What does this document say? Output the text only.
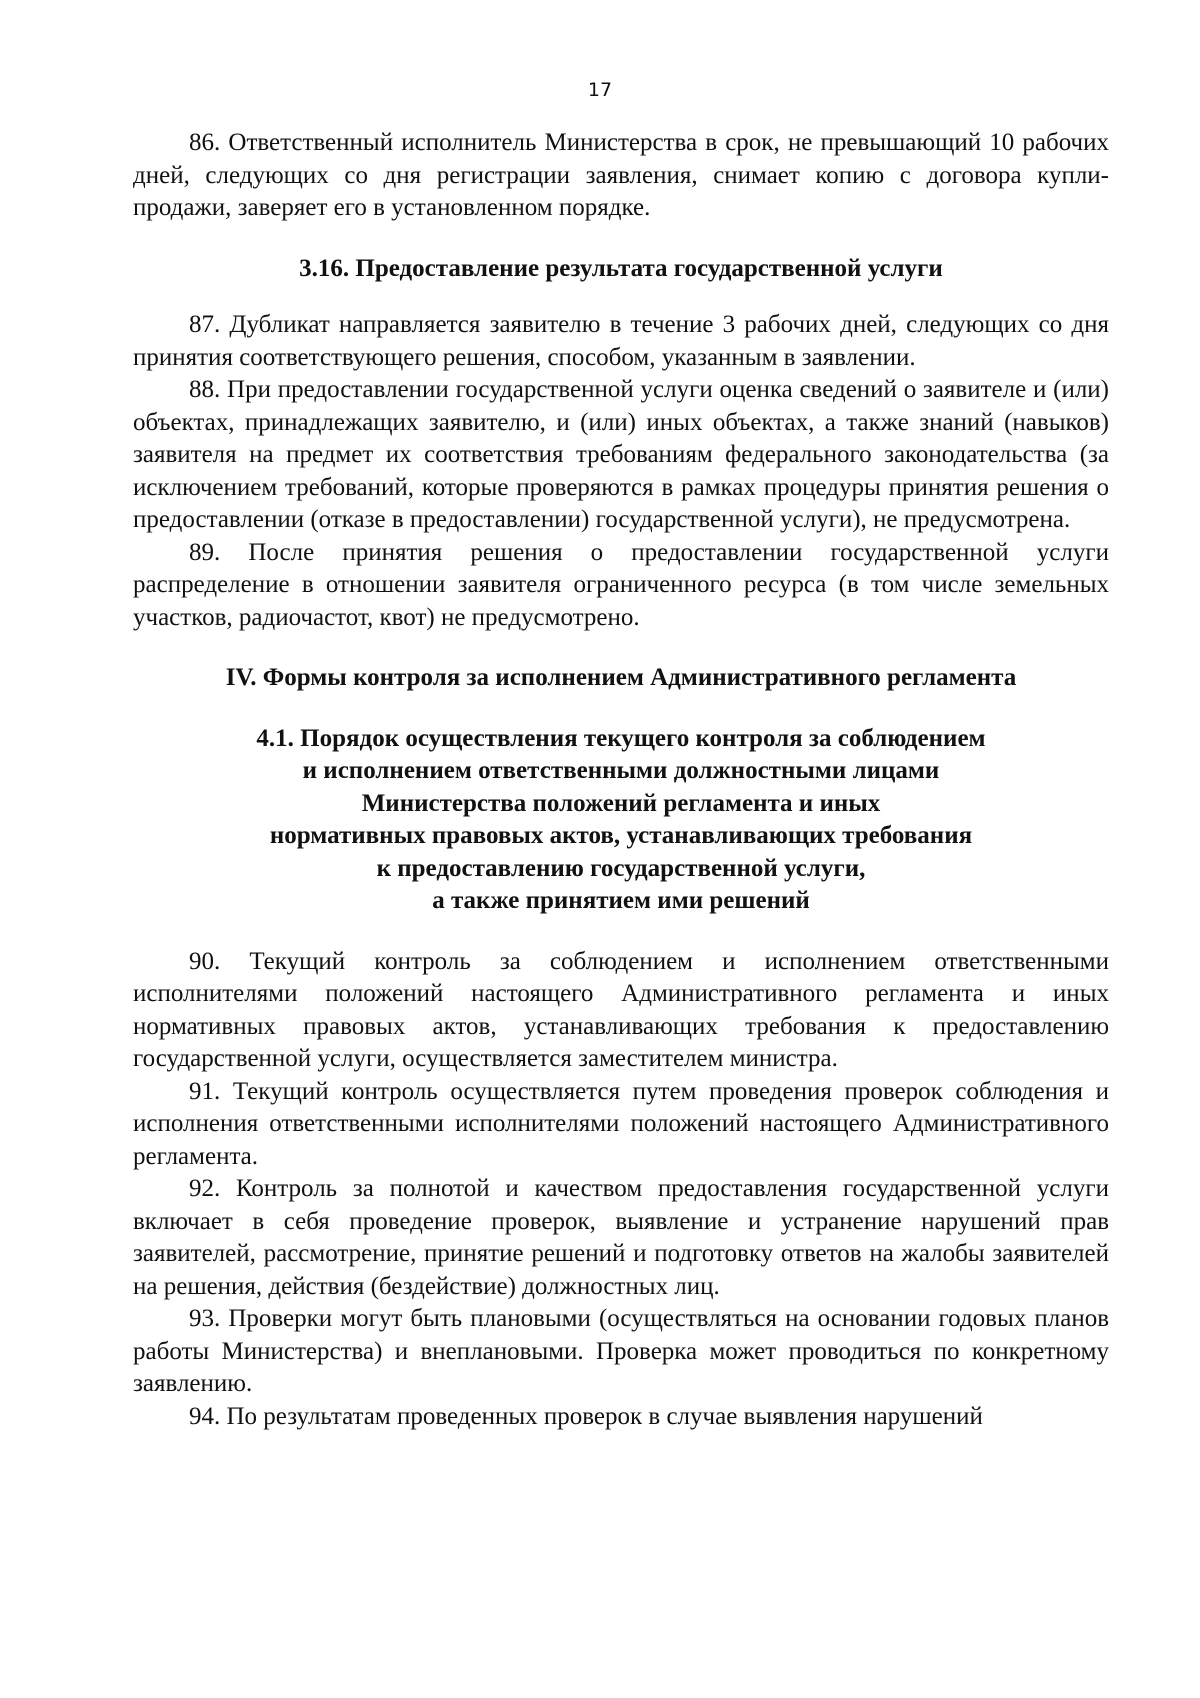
17

86. Ответственный исполнитель Министерства в срок, не превышающий 10 рабочих дней, следующих со дня регистрации заявления, снимает копию с договора купли-продажи, заверяет его в установленном порядке.

3.16. Предоставление результата государственной услуги

87. Дубликат направляется заявителю в течение 3 рабочих дней, следующих со дня принятия соответствующего решения, способом, указанным в заявлении.

88. При предоставлении государственной услуги оценка сведений о заявителе и (или) объектах, принадлежащих заявителю, и (или) иных объектах, а также знаний (навыков) заявителя на предмет их соответствия требованиям федерального законодательства (за исключением требований, которые проверяются в рамках процедуры принятия решения о предоставлении (отказе в предоставлении) государственной услуги), не предусмотрена.

89. После принятия решения о предоставлении государственной услуги распределение в отношении заявителя ограниченного ресурса (в том числе земельных участков, радиочастот, квот) не предусмотрено.

IV. Формы контроля за исполнением Административного регламента
4.1. Порядок осуществления текущего контроля за соблюдением
и исполнением ответственными должностными лицами
Министерства положений регламента и иных
нормативных правовых актов, устанавливающих требования
к предоставлению государственной услуги,
а также принятием ими решений

90. Текущий контроль за соблюдением и исполнением ответственными исполнителями положений настоящего Административного регламента и иных нормативных правовых актов, устанавливающих требования к предоставлению государственной услуги, осуществляется заместителем министра.

91. Текущий контроль осуществляется путем проведения проверок соблюдения и исполнения ответственными исполнителями положений настоящего Административного регламента.

92. Контроль за полнотой и качеством предоставления государственной услуги включает в себя проведение проверок, выявление и устранение нарушений прав заявителей, рассмотрение, принятие решений и подготовку ответов на жалобы заявителей на решения, действия (бездействие) должностных лиц.

93. Проверки могут быть плановыми (осуществляться на основании годовых планов работы Министерства) и внеплановыми. Проверка может проводиться по конкретному заявлению.

94. По результатам проведенных проверок в случае выявления нарушений
